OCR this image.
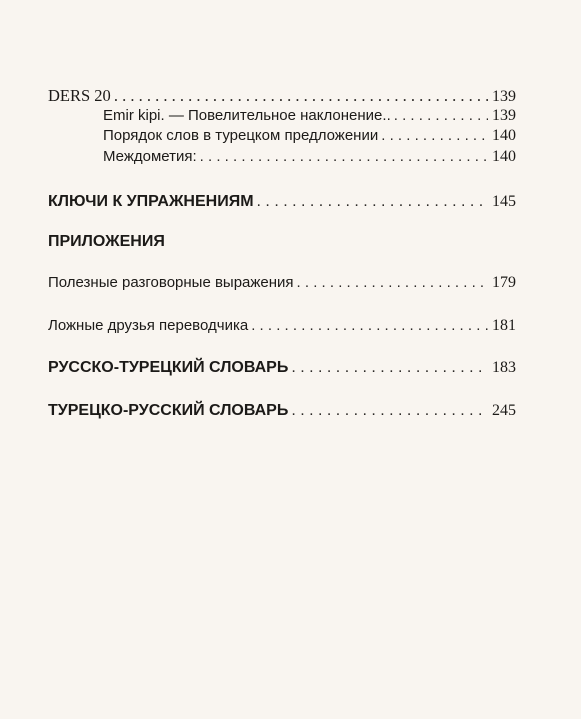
DERS 20 . . .	139
Emir kipi. — Повелительное наклонение.. . . .	139
Порядок слов в турецком предложении . . .	140
Междометия: . . .	140
КЛЮЧИ К УПРАЖНЕНИЯМ . . .	145
ПРИЛОЖЕНИЯ
Полезные разговорные выражения . . .	179
Ложные друзья переводчика . . .	181
РУССКО-ТУРЕЦКИЙ СЛОВАРЬ . . .	183
ТУРЕЦКО-РУССКИЙ СЛОВАРЬ . . .	245
